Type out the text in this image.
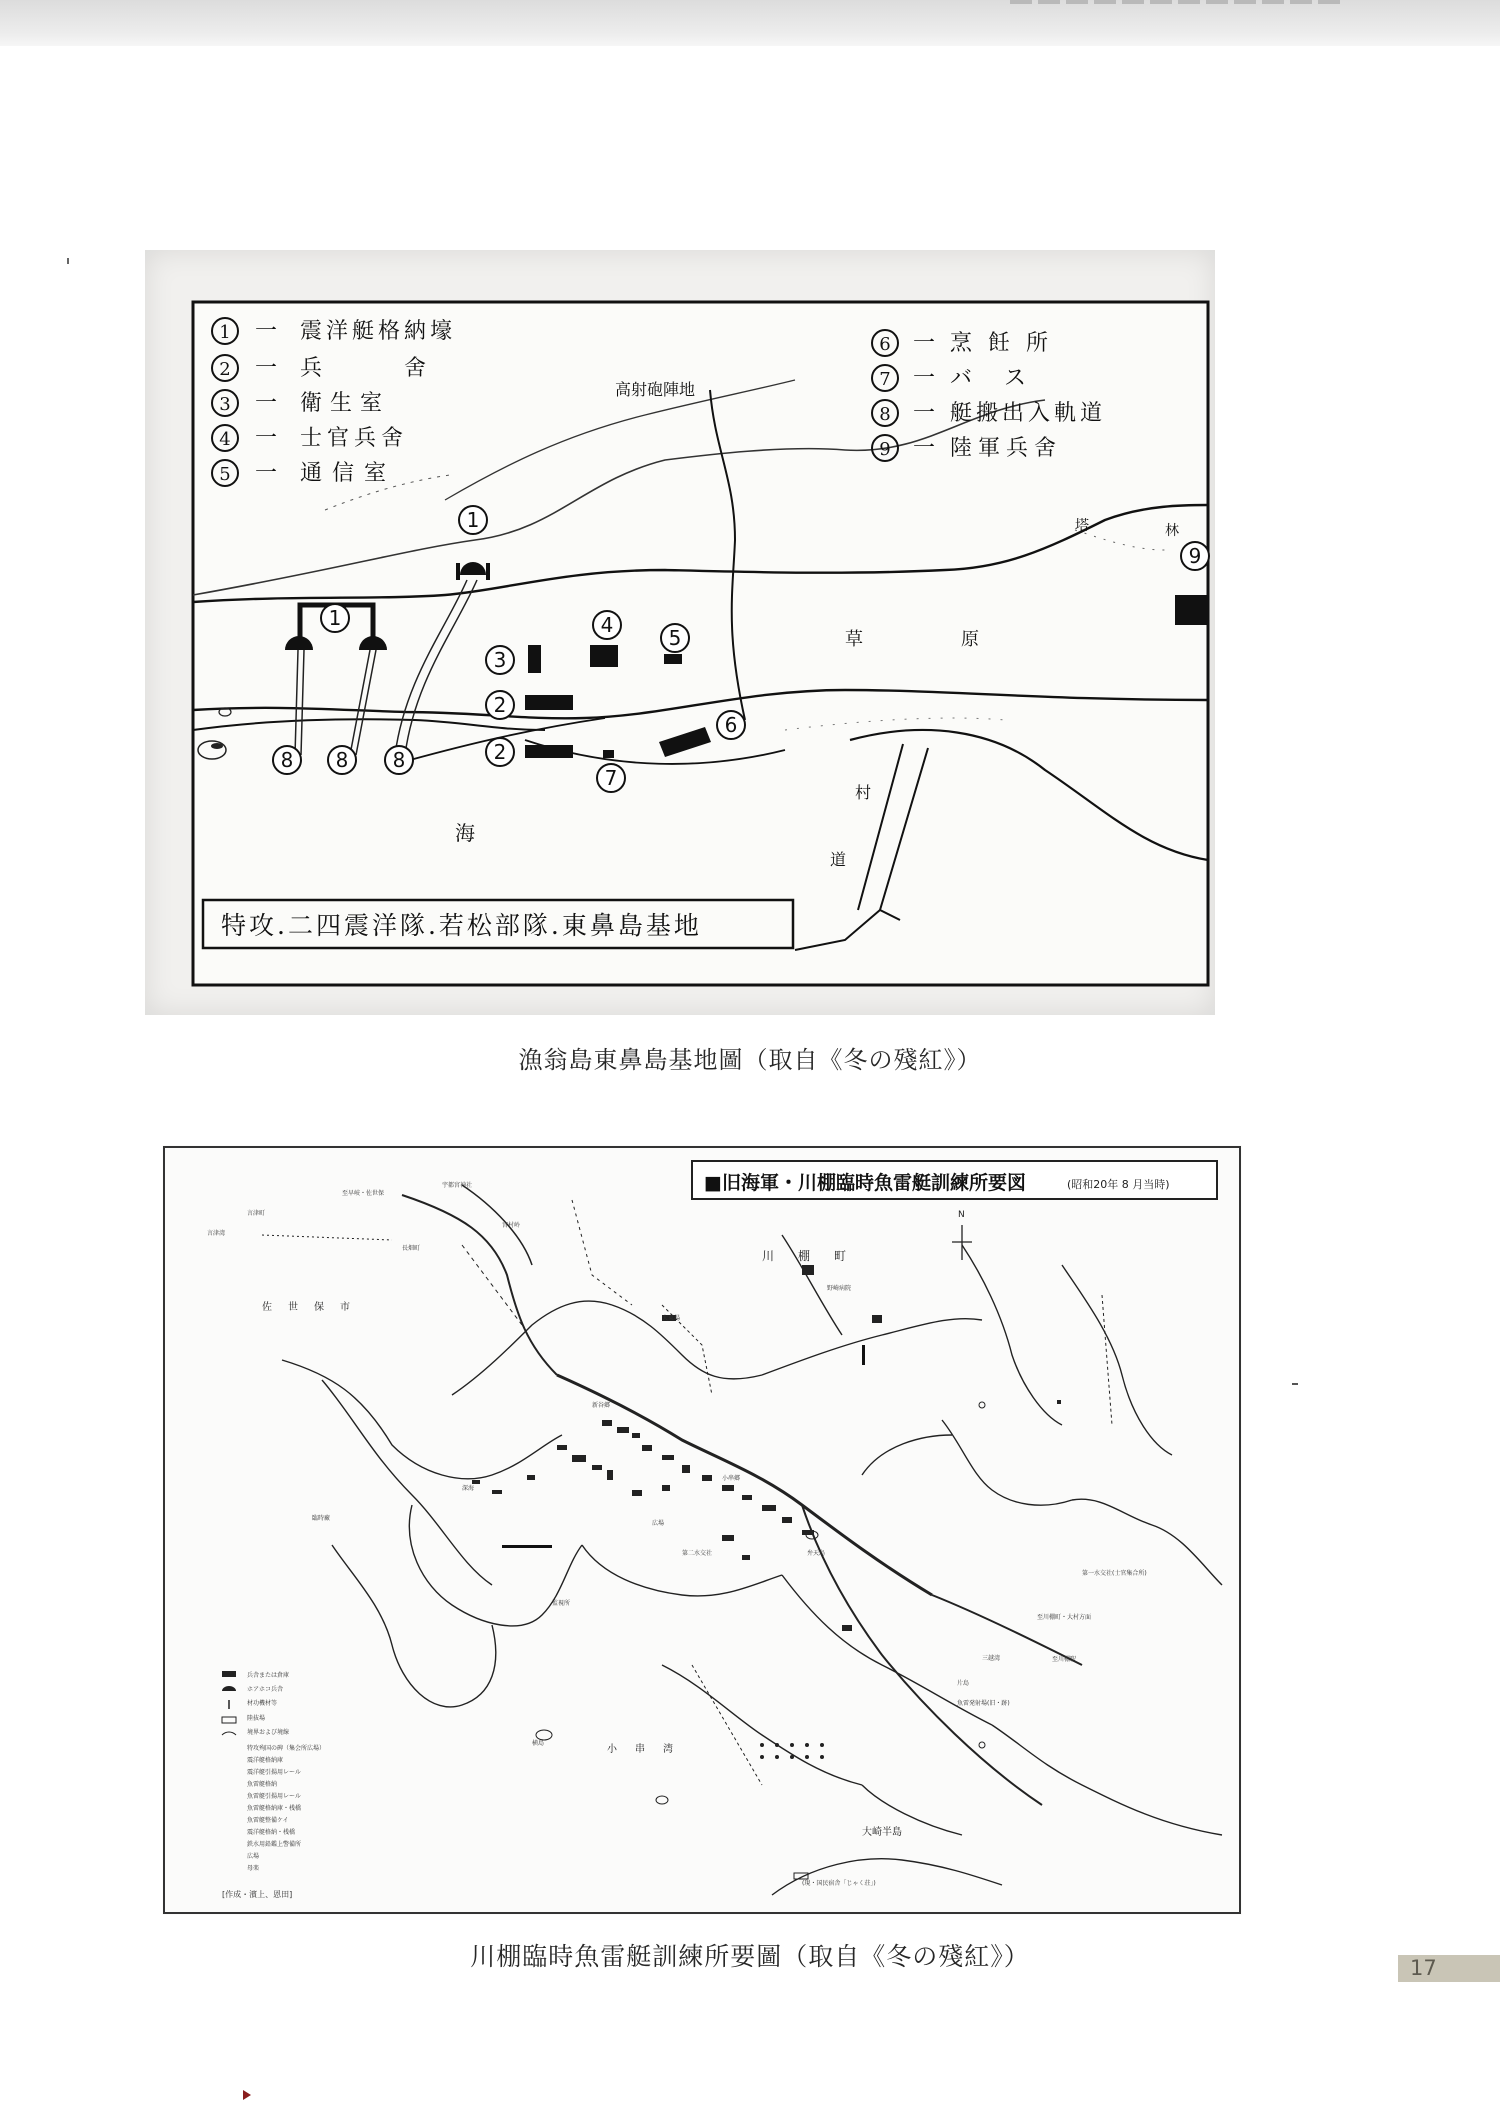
1
1
8 8 8
3
2
2
4
5
6
7
9
1 一 震洋艇格納壕
2 一 兵　舍
3 一 衛生室
4 一 士官兵舍
5 一 通信室
6 一 烹飪所
7 一 バス
8 一 艇搬出入軌道
9 一 陸軍兵舍
高射砲陣地
草　原
海
村
道
塔	林
特攻.二四震洋隊.若松部隊.東鼻島基地
漁翁島東鼻島基地圖（取自《冬の殘紅》）
■旧海軍・川棚臨時魚雷艇訓練所要図	(昭和20年 8 月当時)
N
川　　棚　　町
佐　世　保　市
小　串　湾
大崎半島
宇都宮神社
至早岐・佐世保
宮村岭
長畑町
言津町
言津湾
野崎病院
大東場
新谷郷
小串郷
至川棚町・大村方面
至川棚駅
三越湾
片島
魚雷発射場(旧・跡)
(現・国民宿舎「じゃく荘」)
第一水交社(士官集合所)
第二水交社
横島
弁天島
深海
臨時廠
監視所
広場
兵舎または倉庫
ホアホコ兵舎
材功機材等
陸抜場
境界および境線
特攻殉国の碑（集会所広場）
震洋艇格納庫
震洋艇引揚用レール
魚雷艇格納
魚雷艇引揚用レール
魚雷艇格納庫・桟橋
魚雷艇整備ケイ
震洋艇格納・桟橋
鉄水用鉛鑑上警備所
広場
母楽
[作成・濱上、恩田]
川棚臨時魚雷艇訓練所要圖（取自《冬の殘紅》）	17
